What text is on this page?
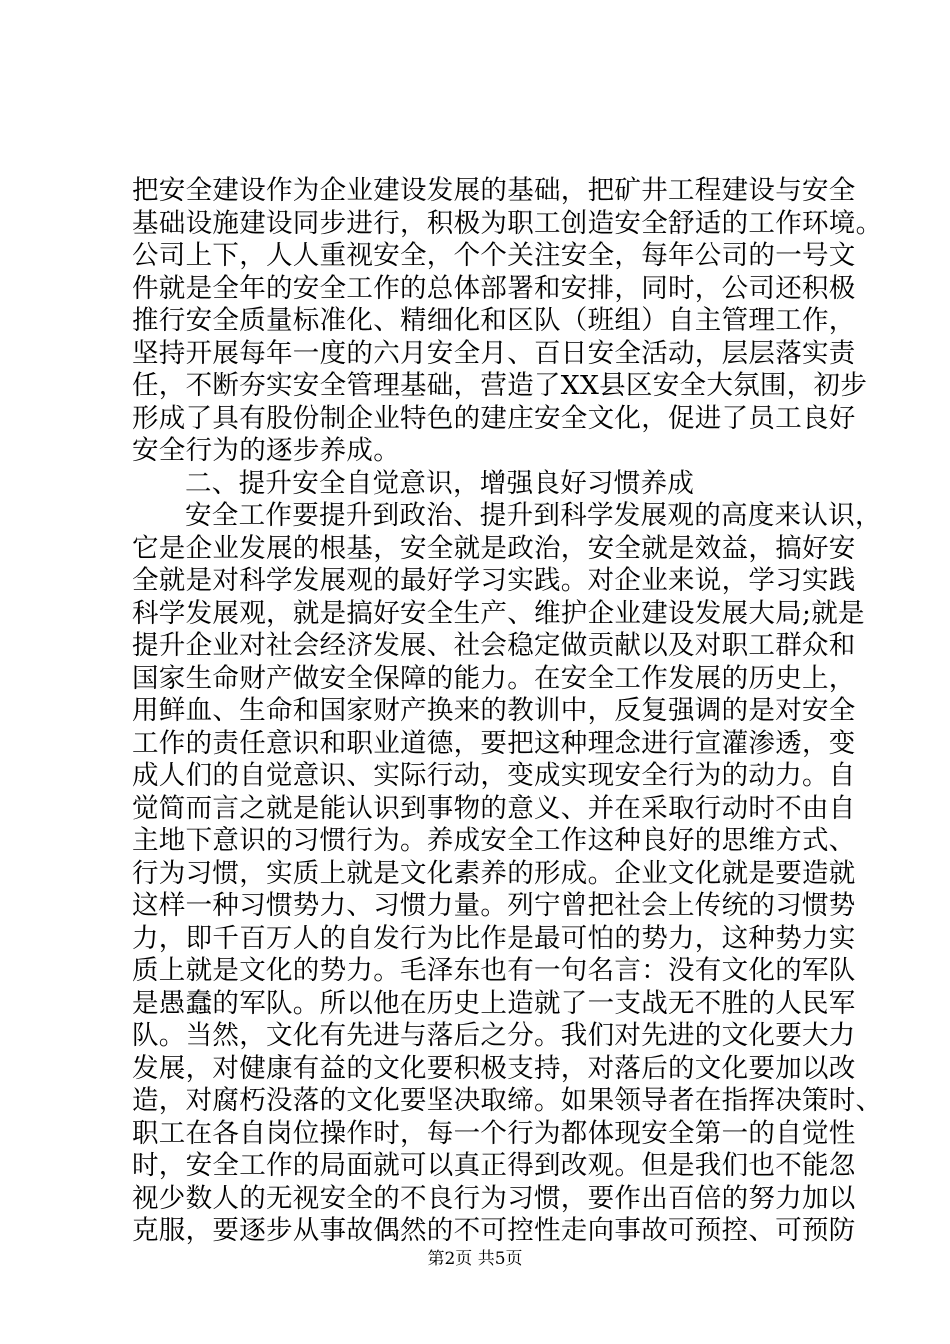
把安全建设作为企业建设发展的基础，把矿井工程建设与安全
基础设施建设同步进行，积极为职工创造安全舒适的工作环境。
公司上下，人人重视安全，个个关注安全，每年公司的一号文
件就是全年的安全工作的总体部署和安排，同时，公司还积极
推行安全质量标准化、精细化和区队（班组）自主管理工作，
坚持开展每年一度的六月安全月、百日安全活动，层层落实责
任，不断夯实安全管理基础，营造了XX县区安全大氛围，初步
形成了具有股份制企业特色的建庄安全文化，促进了员工良好
安全行为的逐步养成。
二、提升安全自觉意识，增强良好习惯养成
安全工作要提升到政治、提升到科学发展观的高度来认识，
它是企业发展的根基，安全就是政治，安全就是效益，搞好安
全就是对科学发展观的最好学习实践。对企业来说，学习实践
科学发展观，就是搞好安全生产、维护企业建设发展大局;就是
提升企业对社会经济发展、社会稳定做贡献以及对职工群众和
国家生命财产做安全保障的能力。在安全工作发展的历史上，
用鲜血、生命和国家财产换来的教训中，反复强调的是对安全
工作的责任意识和职业道德，要把这种理念进行宣灌渗透，变
成人们的自觉意识、实际行动，变成实现安全行为的动力。自
觉简而言之就是能认识到事物的意义、并在采取行动时不由自
主地下意识的习惯行为。养成安全工作这种良好的思维方式、
行为习惯，实质上就是文化素养的形成。企业文化就是要造就
这样一种习惯势力、习惯力量。列宁曾把社会上传统的习惯势
力，即千百万人的自发行为比作是最可怕的势力，这种势力实
质上就是文化的势力。毛泽东也有一句名言：没有文化的军队
是愚蠢的军队。所以他在历史上造就了一支战无不胜的人民军
队。当然，文化有先进与落后之分。我们对先进的文化要大力
发展，对健康有益的文化要积极支持，对落后的文化要加以改
造，对腐朽没落的文化要坚决取缔。如果领导者在指挥决策时、
职工在各自岗位操作时，每一个行为都体现安全第一的自觉性
时，安全工作的局面就可以真正得到改观。但是我们也不能忽
视少数人的无视安全的不良行为习惯，要作出百倍的努力加以
克服，要逐步从事故偶然的不可控性走向事故可预控、可预防
第2页 共5页
